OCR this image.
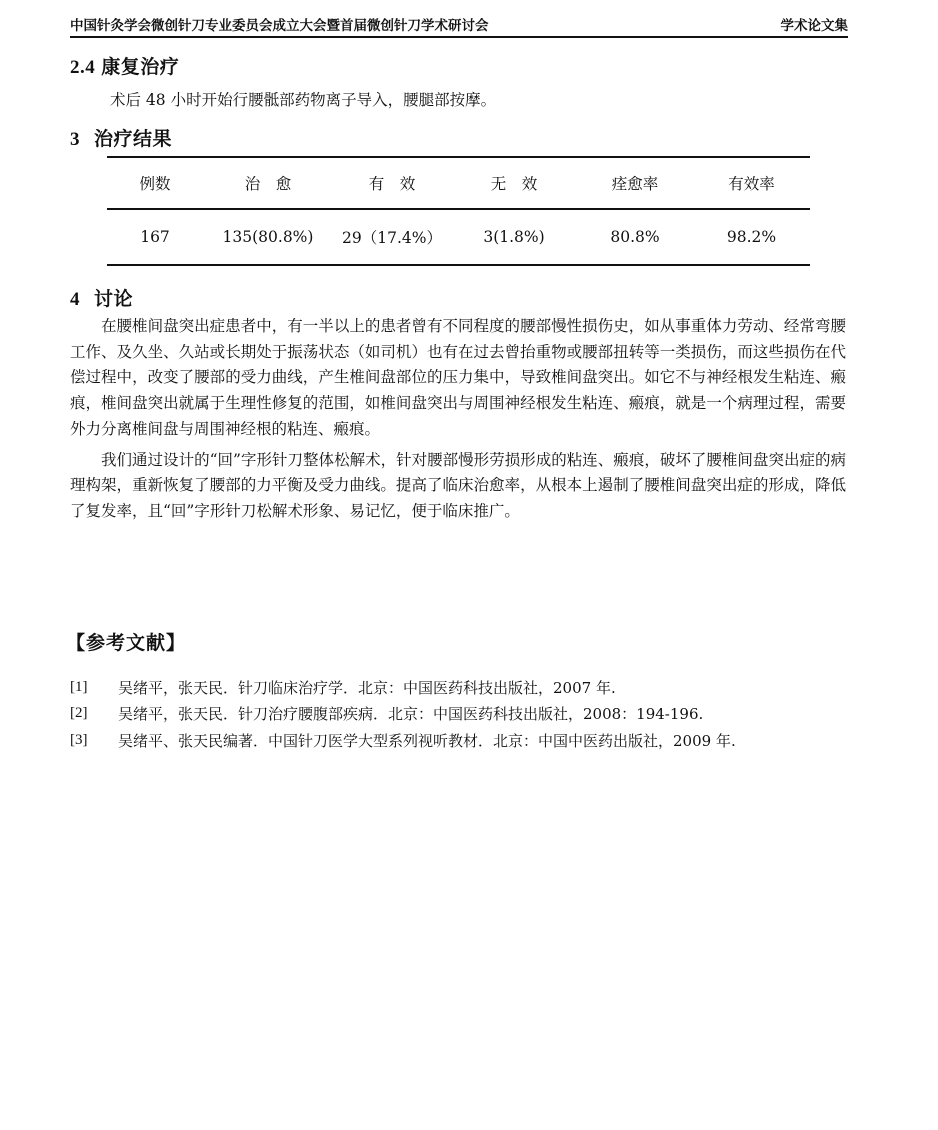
中国针灸学会微创针刀专业委员会成立大会暨首届微创针刀学术研讨会	学术论文集
2.4 康复治疗
术后 48 小时开始行腰骶部药物离子导入，腰腿部按摩。
3 治疗结果
例数	治　愈	有　效	无　效	痊愈率	有效率
167	135(80.8%)	29（17.4%）	3(1.8%)	80.8%	98.2%
4 讨论

在腰椎间盘突出症患者中，有一半以上的患者曾有不同程度的腰部慢性损伤史，如从事重体力劳动、经常弯腰工作、及久坐、久站或长期处于振荡状态（如司机）也有在过去曾抬重物或腰部扭转等一类损伤，而这些损伤在代偿过程中，改变了腰部的受力曲线，产生椎间盘部位的压力集中，导致椎间盘突出。如它不与神经根发生粘连、瘢痕，椎间盘突出就属于生理性修复的范围，如椎间盘突出与周围神经根发生粘连、瘢痕，就是一个病理过程，需要外力分离椎间盘与周围神经根的粘连、瘢痕。

我们通过设计的“回”字形针刀整体松解术，针对腰部慢形劳损形成的粘连、瘢痕，破坏了腰椎间盘突出症的病理构架，重新恢复了腰部的力平衡及受力曲线。提高了临床治愈率，从根本上遏制了腰椎间盘突出症的形成，降低了复发率，且“回”字形针刀松解术形象、易记忆，便于临床推广。

【参考文献】
[1]	吴绪平，张天民．针刀临床治疗学．北京：中国医药科技出版社，2007 年.
[2]	吴绪平，张天民．针刀治疗腰腹部疾病．北京：中国医药科技出版社，2008：194-196.
[3]	吴绪平、张天民编著．中国针刀医学大型系列视听教材．北京：中国中医药出版社，2009 年.
